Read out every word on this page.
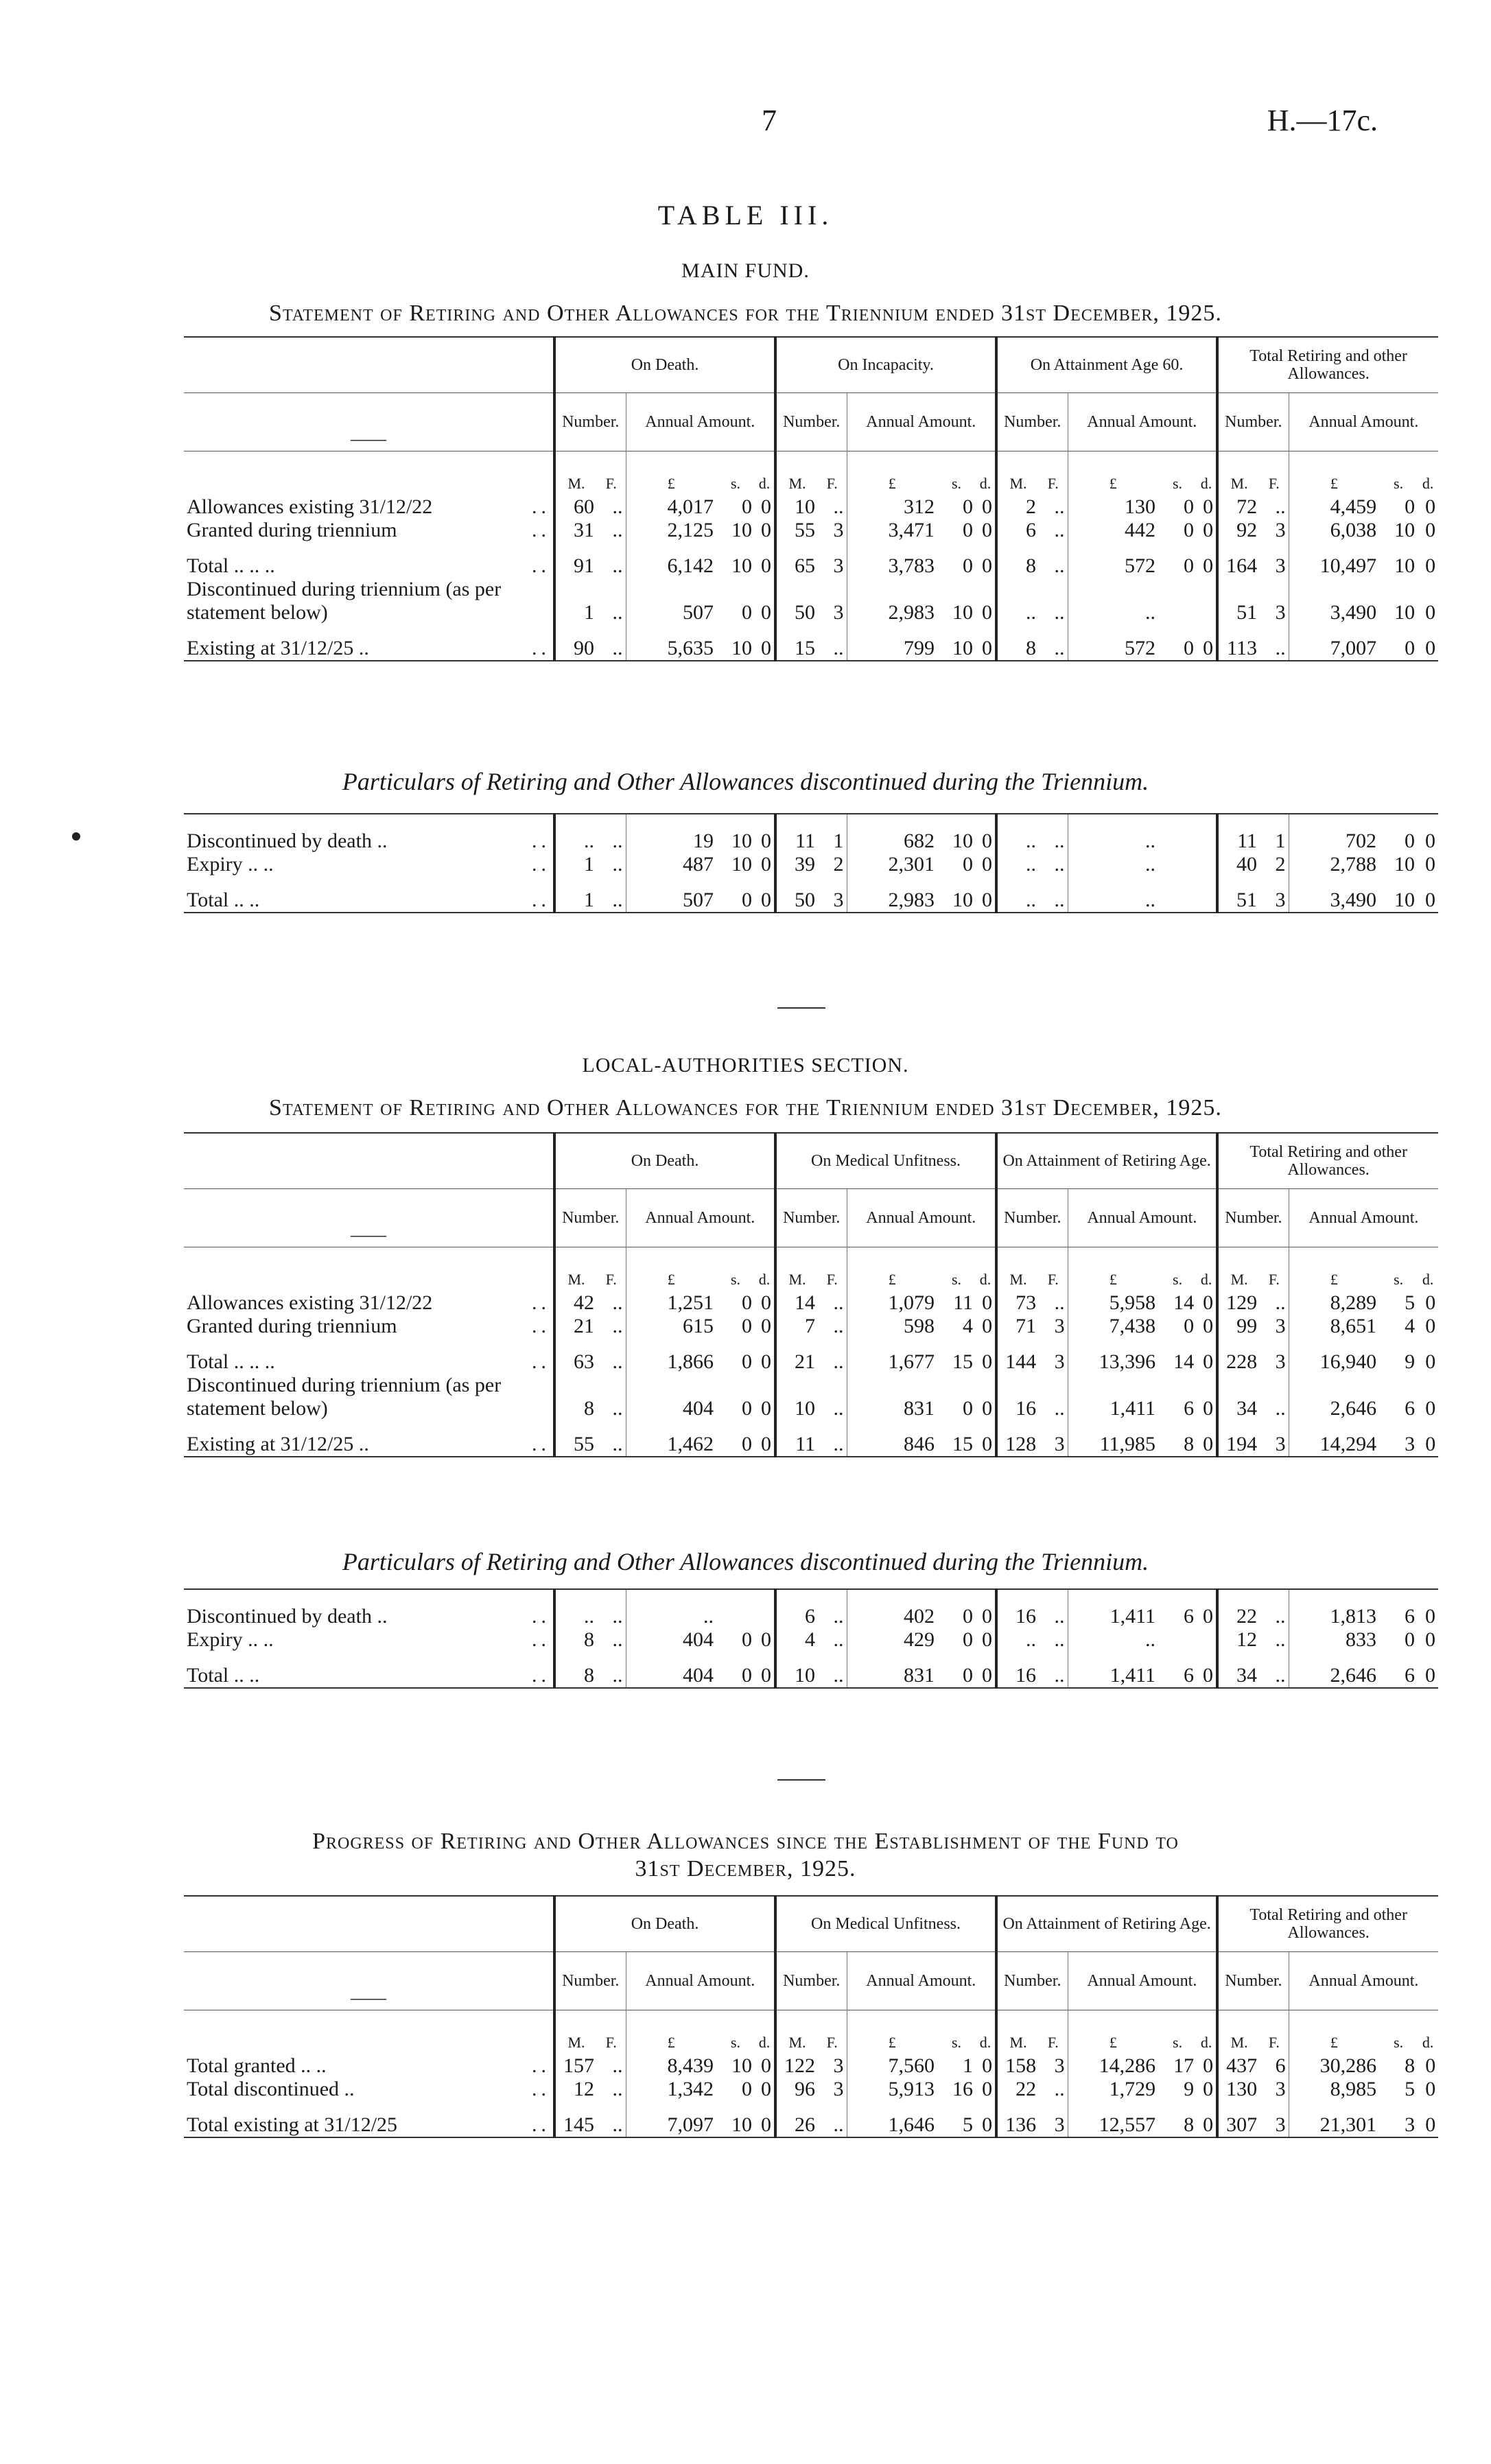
7	H.—17c.
TABLE III.
MAIN FUND.
Statement of Retiring and Other Allowances for the Triennium ended 31st December, 1925.
	On Death.					On Incapacity.					On Attainment Age 60.					Total Retiring and other Allowances.				
——	Number.		Annual Amount.			Number.		Annual Amount.			Number.		Annual Amount.			Number.		Annual Amount.		
	M.	F.	£	s.	d.	M.	F.	£	s.	d.	M.	F.	£	s.	d.	M.	F.	£	s.	d.
Allowances existing 31/12/22 ..	60	..	4,017	0	0	10	..	312	0	0	2	..	130	0	0	72	..	4,459	0	0
Granted during triennium ..	31	..	2,125	10	0	55	3	3,471	0	0	6	..	442	0	0	92	3	6,038	10	0

Total .. .. .. ..	91	..	6,142	10	0	65	3	3,783	0	0	8	..	572	0	0	164	3	10,497	10	0
Discontinued during triennium (as per statement below)	1	..	507	0	0	50	3	2,983	10	0	..	..	..			51	3	3,490	10	0

Existing at 31/12/25 .. ..	90	..	5,635	10	0	15	..	799	10	0	8	..	572	0	0	113	..	7,007	0	0
Particulars of Retiring and Other Allowances discontinued during the Triennium.

Discontinued by death .. ..	..	..	19	10	0	11	1	682	10	0	..	..	..			11	1	702	0	0
Expiry .. .. ..	1	..	487	10	0	39	2	2,301	0	0	..	..	..			40	2	2,788	10	0

Total .. .. ..	1	..	507	0	0	50	3	2,983	10	0	..	..	..			51	3	3,490	10	0
LOCAL-AUTHORITIES SECTION.
Statement of Retiring and Other Allowances for the Triennium ended 31st December, 1925.
	On Death.					On Medical Unfitness.					On Attainment of Retiring Age.					Total Retiring and other Allowances.				
——	Number.		Annual Amount.			Number.		Annual Amount.			Number.		Annual Amount.			Number.		Annual Amount.		
	M.	F.	£	s.	d.	M.	F.	£	s.	d.	M.	F.	£	s.	d.	M.	F.	£	s.	d.
Allowances existing 31/12/22 ..	42	..	1,251	0	0	14	..	1,079	11	0	73	..	5,958	14	0	129	..	8,289	5	0
Granted during triennium ..	21	..	615	0	0	7	..	598	4	0	71	3	7,438	0	0	99	3	8,651	4	0

Total .. .. .. ..	63	..	1,866	0	0	21	..	1,677	15	0	144	3	13,396	14	0	228	3	16,940	9	0
Discontinued during triennium (as per statement below)	8	..	404	0	0	10	..	831	0	0	16	..	1,411	6	0	34	..	2,646	6	0

Existing at 31/12/25 .. ..	55	..	1,462	0	0	11	..	846	15	0	128	3	11,985	8	0	194	3	14,294	3	0
Particulars of Retiring and Other Allowances discontinued during the Triennium.

Discontinued by death .. ..	..	..	..			6	..	402	0	0	16	..	1,411	6	0	22	..	1,813	6	0
Expiry .. .. ..	8	..	404	0	0	4	..	429	0	0	..	..	..			12	..	833	0	0

Total .. .. ..	8	..	404	0	0	10	..	831	0	0	16	..	1,411	6	0	34	..	2,646	6	0
Progress of Retiring and Other Allowances since the Establishment of the Fund to
31st December, 1925.
	On Death.					On Medical Unfitness.					On Attainment of Retiring Age.					Total Retiring and other Allowances.				
——	Number.		Annual Amount.			Number.		Annual Amount.			Number.		Annual Amount.			Number.		Annual Amount.		
	M.	F.	£	s.	d.	M.	F.	£	s.	d.	M.	F.	£	s.	d.	M.	F.	£	s.	d.
Total granted .. .. ..	157	..	8,439	10	0	122	3	7,560	1	0	158	3	14,286	17	0	437	6	30,286	8	0
Total discontinued .. ..	12	..	1,342	0	0	96	3	5,913	16	0	22	..	1,729	9	0	130	3	8,985	5	0

Total existing at 31/12/25 ..	145	..	7,097	10	0	26	..	1,646	5	0	136	3	12,557	8	0	307	3	21,301	3	0
